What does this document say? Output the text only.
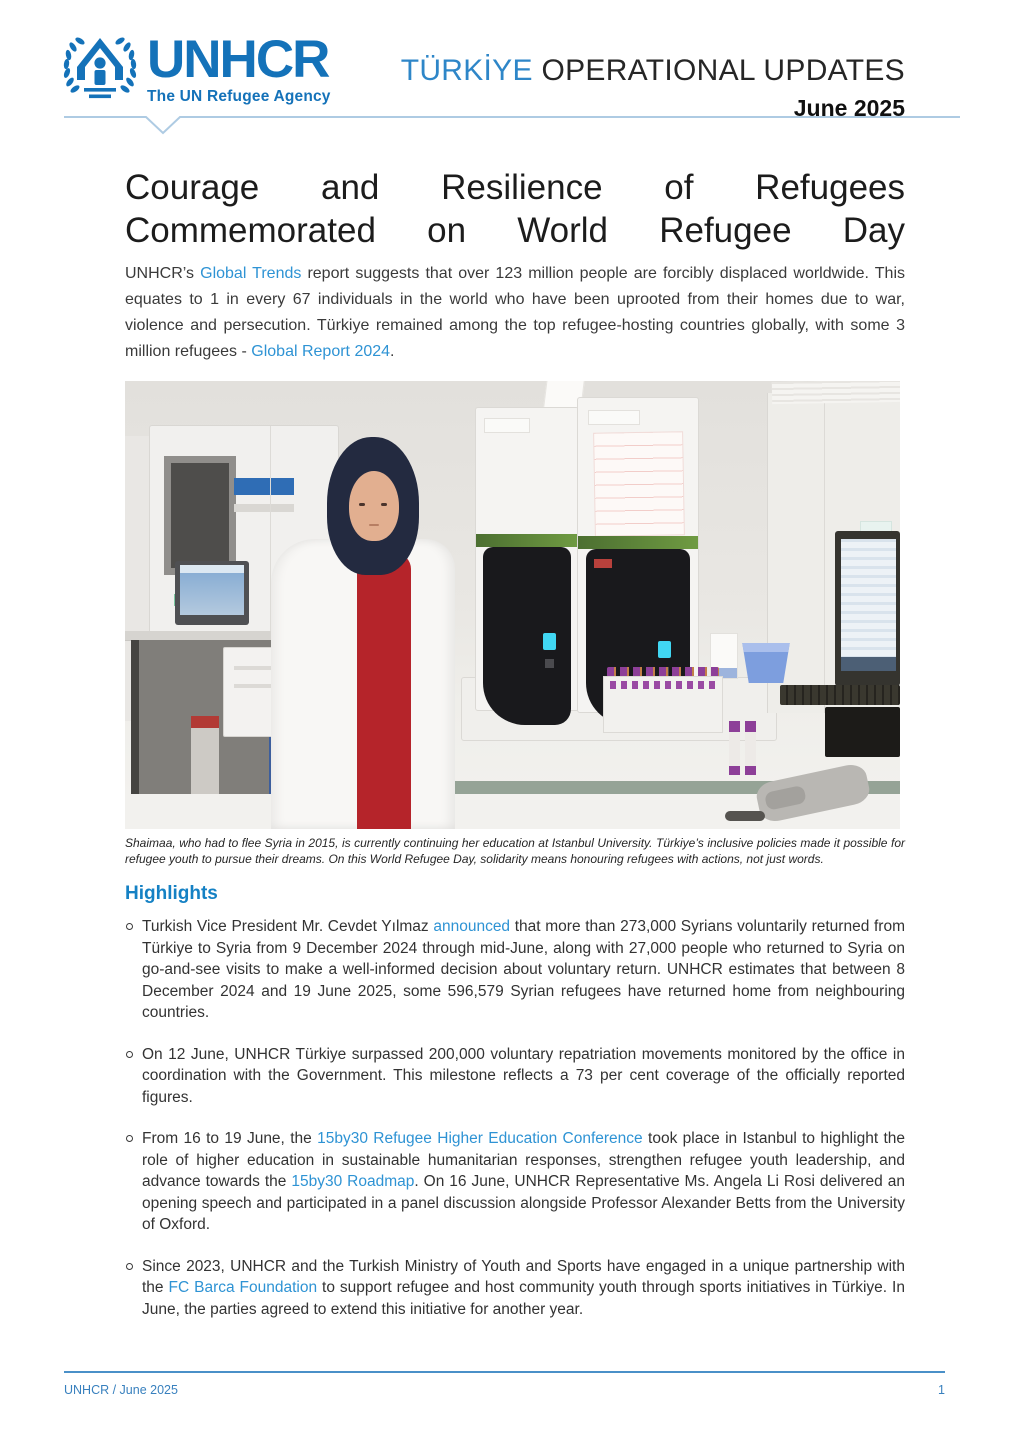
UNHCR
The UN Refugee Agency
TÜRKİYE OPERATIONAL UPDATES
June 2025
Courage and Resilience of Refugees
Commemorated on World Refugee Day

UNHCR’s Global Trends report suggests that over 123 million people are forcibly displaced worldwide. This equates to 1 in every 67 individuals in the world who have been uprooted from their homes due to war, violence and persecution. Türkiye remained among the top refugee-hosting countries globally, with some 3 million refugees - Global Report 2024.

Shaimaa, who had to flee Syria in 2015, is currently continuing her education at Istanbul University. Türkiye’s inclusive policies made it possible for refugee youth to pursue their dreams. On this World Refugee Day, solidarity means honouring refugees with actions, not just words.

Highlights
Turkish Vice President Mr. Cevdet Yılmaz announced that more than 273,000 Syrians voluntarily returned from Türkiye to Syria from 9 December 2024 through mid-June, along with 27,000 people who returned to Syria on go-and-see visits to make a well-informed decision about voluntary return. UNHCR estimates that between 8 December 2024 and 19 June 2025, some 596,579 Syrian refugees have returned home from neighbouring countries.
On 12 June, UNHCR Türkiye surpassed 200,000 voluntary repatriation movements monitored by the office in coordination with the Government. This milestone reflects a 73 per cent coverage of the officially reported figures.
From 16 to 19 June, the 15by30 Refugee Higher Education Conference took place in Istanbul to highlight the role of higher education in sustainable humanitarian responses, strengthen refugee youth leadership, and advance towards the 15by30 Roadmap. On 16 June, UNHCR Representative Ms. Angela Li Rosi delivered an opening speech and participated in a panel discussion alongside Professor Alexander Betts from the University of Oxford.
Since 2023, UNHCR and the Turkish Ministry of Youth and Sports have engaged in a unique partnership with the FC Barca Foundation to support refugee and host community youth through sports initiatives in Türkiye. In June, the parties agreed to extend this initiative for another year.
UNHCR / June 2025	1
